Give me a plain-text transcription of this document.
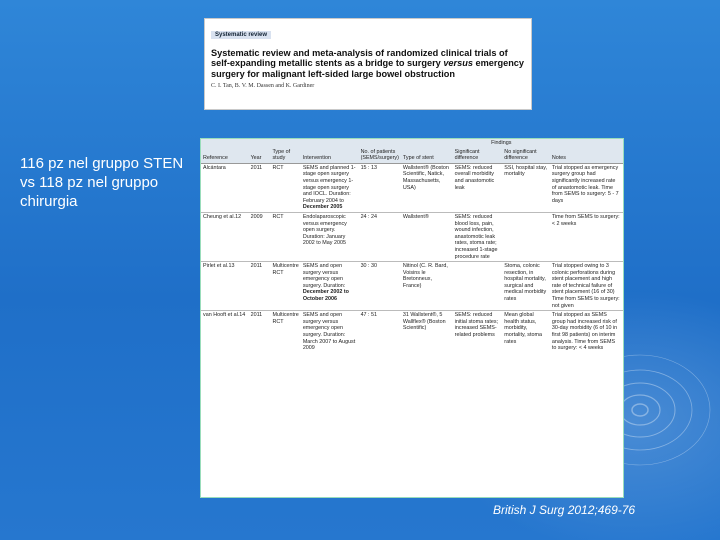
Systematic review
Systematic review and meta-analysis of randomized clinical trials of self-expanding metallic stents as a bridge to surgery versus emergency surgery for malignant left-sided large bowel obstruction
C. I. Tan, B. V. M. Dassen and K. Gardiner
116 pz nel gruppo STEN vs 118 pz nel gruppo chirurgia
						Findings		
Reference	Year	Type of study	Intervention	No. of patients (SEMS/surgery)	Type of stent	Significant difference	No significant difference	Notes
Alcántara	2011	RCT	SEMS and planned 1-stage open surgery versus emergency 1-stage open surgery and IOCL. Duration: February 2004 to December 2005	15 : 13	Wallstent® (Boston Scientific, Natick, Massachusetts, USA)	SEMS: reduced overall morbidity and anastomotic leak	SSI, hospital stay, mortality	Trial stopped as emergency surgery group had significantly increased rate of anastomotic leak. Time from SEMS to surgery: 5 - 7 days
Cheung et al.12	2009	RCT	Endolaparoscopic versus emergency open surgery. Duration: January 2002 to May 2005	24 : 24	Wallstent®	SEMS: reduced blood loss, pain, wound infection, anastomotic leak rates, stoma rate; increased 1-stage procedure rate		Time from SEMS to surgery: < 2 weeks
Pirlet et al.13	2011	Multicentre RCT	SEMS and open surgery versus emergency open surgery. Duration: December 2002 to October 2006	30 : 30	Nitinol (C. R. Bard, Voisins le Bretonneux, France)		Stoma, colonic resection, in hospital mortality, surgical and medical morbidity rates	Trial stopped owing to 3 colonic perforations during stent placement and high rate of technical failure of stent placement (16 of 30) Time from SEMS to surgery: not given
van Hooft et al.14	2011	Multicentre RCT	SEMS and open surgery versus emergency open surgery. Duration: March 2007 to August 2009	47 : 51	31 Wallstent®, 5 Wallflex® (Boston Scientific)	SEMS: reduced initial stoma rates; increased SEMS-related problems	Mean global health status, morbidity, mortality, stoma rates	Trial stopped as SEMS group had increased risk of 30-day morbidity (6 of 10 in first 98 patients) on interim analysis. Time from SEMS to surgery: < 4 weeks
British J Surg 2012;469-76
